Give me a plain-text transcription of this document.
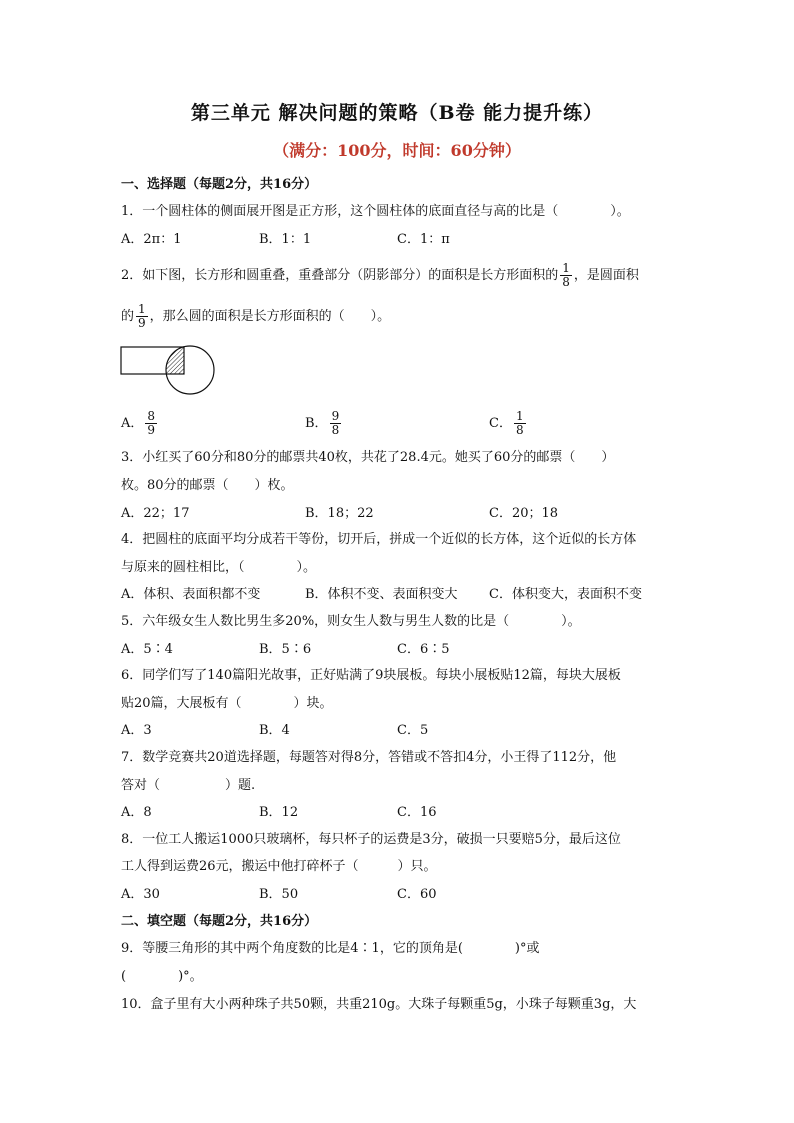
第三单元 解决问题的策略（B卷 能力提升练）
（满分：100分，时间：60分钟）
一、选择题（每题2分，共16分）
1．一个圆柱体的侧面展开图是正方形，这个圆柱体的底面直径与高的比是（　　　　）。
A．2π：1	B．1：1	C．1：π
2．如下图，长方形和圆重叠，重叠部分（阴影部分）的面积是长方形面积的 $\frac{1}{8}$ ，是圆面积
的 $\frac{1}{9}$ ，那么圆的面积是长方形面积的（　　）。
A． $\frac{8}{9}$	B． $\frac{9}{8}$	C． $\frac{1}{8}$
3．小红买了60分和80分的邮票共40枚，共花了28.4元。她买了60分的邮票（　　）
枚。80分的邮票（　　）枚。
A．22；17	B．18；22	C．20；18
4．把圆柱的底面平均分成若干等份，切开后，拼成一个近似的长方体，这个近似的长方体
与原来的圆柱相比，（　　　　）。
A．体积、表面积都不变	B．体积不变、表面积变大 C．体积变大，表面积不变
5．六年级女生人数比男生多20%，则女生人数与男生人数的比是（　　　　）。
A．5∶4	B．5∶6	C．6∶5
6．同学们写了140篇阳光故事，正好贴满了9块展板。每块小展板贴12篇，每块大展板
贴20篇，大展板有（　　　　）块。
A．3	B．4	C．5
7．数学竞赛共20道选择题，每题答对得8分，答错或不答扣4分，小王得了112分，他
答对（　　　　　）题.
A．8	B．12	C．16
8．一位工人搬运1000只玻璃杯，每只杯子的运费是3分，破损一只要赔5分，最后这位
工人得到运费26元，搬运中他打碎杯子（　　　）只。
A．30	B．50	C．60
二、填空题（每题2分，共16分）
9．等腰三角形的其中两个角度数的比是4∶1，它的顶角是(　　　　)°或
(　　　　)°。
10．盒子里有大小两种珠子共50颗，共重210g。大珠子每颗重5g，小珠子每颗重3g，大
